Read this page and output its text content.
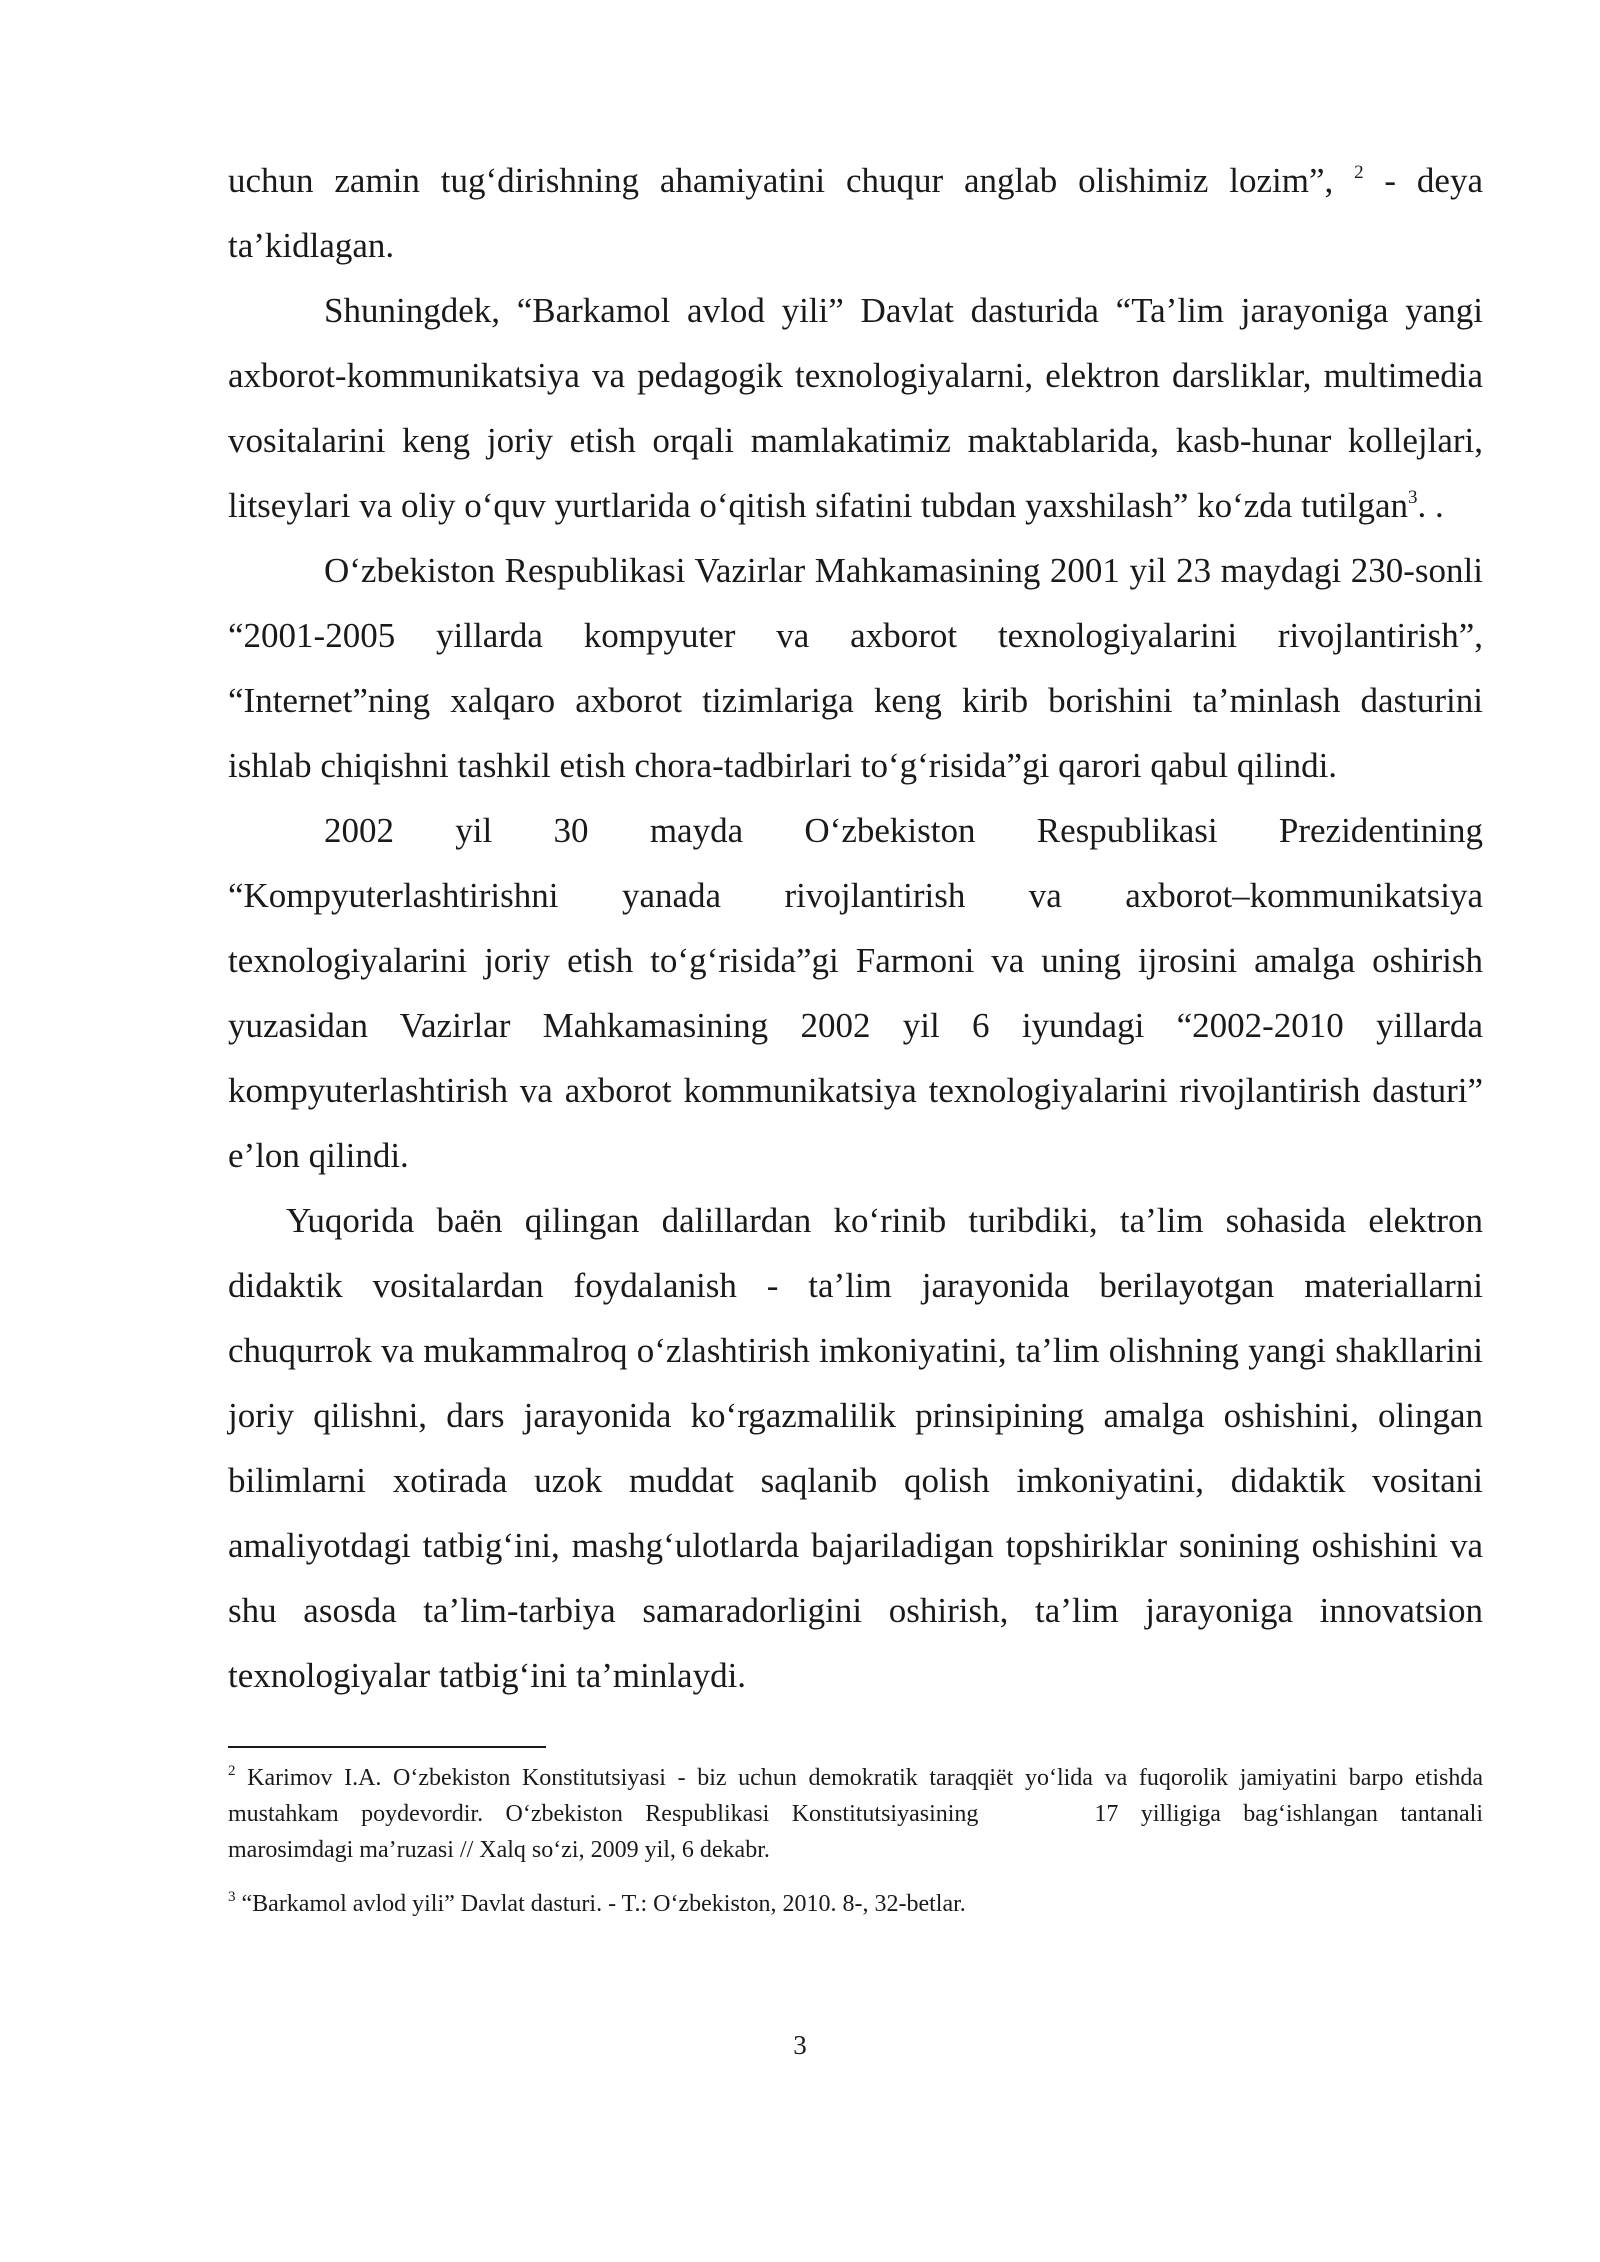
uchun zamin tug‘dirishning ahamiyatini chuqur anglab olishimiz lozim”, $^2$ - deya ta’kidlagan.

Shuningdek, “Barkamol avlod yili” Davlat dasturida “Ta’lim jarayoniga yangi axborot-kommunikatsiya va pedagogik texnologiyalarni, elektron darsliklar, multimedia vositalarini keng joriy etish orqali mamlakatimiz maktablarida, kasb-hunar kollejlari, litseylari va oliy o‘quv yurtlarida o‘qitish sifatini tubdan yaxshilash” ko‘zda tutilgan$^3$. .

O‘zbekiston Respublikasi Vazirlar Mahkamasining 2001 yil 23 maydagi 230-sonli “2001-2005 yillarda kompyuter va axborot texnologiyalarini rivojlantirish”, “Internet”ning xalqaro axborot tizimlariga keng kirib borishini ta’minlash dasturini ishlab chiqishni tashkil etish chora-tadbirlari to‘g‘risida”gi qarori qabul qilindi.

2002 yil 30 mayda O‘zbekiston Respublikasi Prezidentining “Kompyuterlashtirishni yanada rivojlantirish va axborot–kommunikatsiya texnologiyalarini joriy etish to‘g‘risida”gi Farmoni va uning ijrosini amalga oshirish yuzasidan Vazirlar Mahkamasining 2002 yil 6 iyundagi “2002-2010 yillarda kompyuterlashtirish va axborot kommunikatsiya texnologiyalarini rivojlantirish dasturi” e’lon qilindi.

Yuqorida baёn qilingan dalillardan ko‘rinib turibdiki, ta’lim sohasida elektron didaktik vositalardan foydalanish - ta’lim jarayonida berilayotgan materiallarni chuqurrok va mukammalroq o‘zlashtirish imkoniyatini, ta’lim olishning yangi shakllarini joriy qilishni, dars jarayonida ko‘rgazmalilik prinsipining amalga oshishini, olingan bilimlarni xotirada uzok muddat saqlanib qolish imkoniyatini, didaktik vositani amaliyotdagi tatbig‘ini, mashg‘ulotlarda bajariladigan topshiriklar sonining oshishini va shu asosda ta’lim-tarbiya samaradorligini oshirish, ta’lim jarayoniga innovatsion texnologiyalar tatbig‘ini ta’minlaydi.

$^2$ Karimov I.A. O‘zbekiston Konstitutsiyasi - biz uchun demokratik taraqqiёt yo‘lida va fuqorolik jamiyatini barpo etishda mustahkam poydevordir. O‘zbekiston Respublikasi Konstitutsiyasining	17 yilligiga bag‘ishlangan tantanali marosimdagi ma’ruzasi // Xalq so‘zi, 2009 yil, 6 dekabr.

$^3$ “Barkamol avlod yili” Davlat dasturi. - T.: O‘zbekiston, 2010. 8-, 32-betlar.

3
